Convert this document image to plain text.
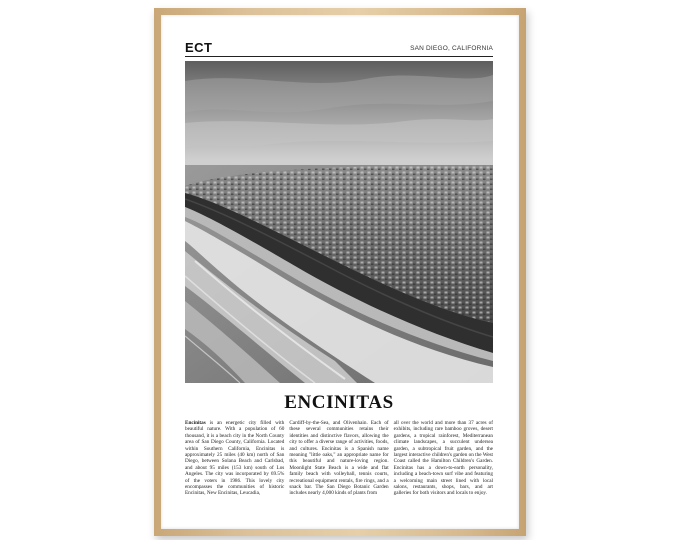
ECT	SAN DIEGO, CALIFORNIA

ENCINITAS

Encinitas is an energetic city filled with beautiful nature. With a population of 60 thousand, it is a beach city in the North County area of San Diego County, California. Located within Southern California, Encinitas is approximately 25 miles (40 km) north of San Diego, between Solana Beach and Carlsbad, and about 95 miles (153 km) south of Los Angeles. The city was incorporated by 69.5% of the voters in 1986. This lovely city encompasses the communities of historic Encinitas, New Encinitas, Leucadia,

Cardiff-by-the-Sea, and Olivenhain. Each of these several communities retains their identities and distinctive flavors, allowing the city to offer a diverse range of activities, foods, and cultures. Encinitas is a Spanish name meaning "little oaks," an appropriate name for this beautiful and nature-loving region. Moonlight State Beach is a wide and flat family beach with volleyball, tennis courts, recreational equipment rentals, fire rings, and a snack bar. The San Diego Botanic Garden includes nearly 4,000 kinds of plants from

all over the world and more than 37 acres of exhibits, including rare bamboo groves, desert gardens, a tropical rainforest, Mediterranean climate landscapes, a succulent undersea garden, a subtropical fruit garden, and the largest interactive children's garden on the West Coast called the Hamilton Children's Garden. Encinitas has a down-to-earth personality, including a beach-town surf vibe and featuring a welcoming main street lined with local salons, restaurants, shops, bars, and art galleries for both visitors and locals to enjoy.
